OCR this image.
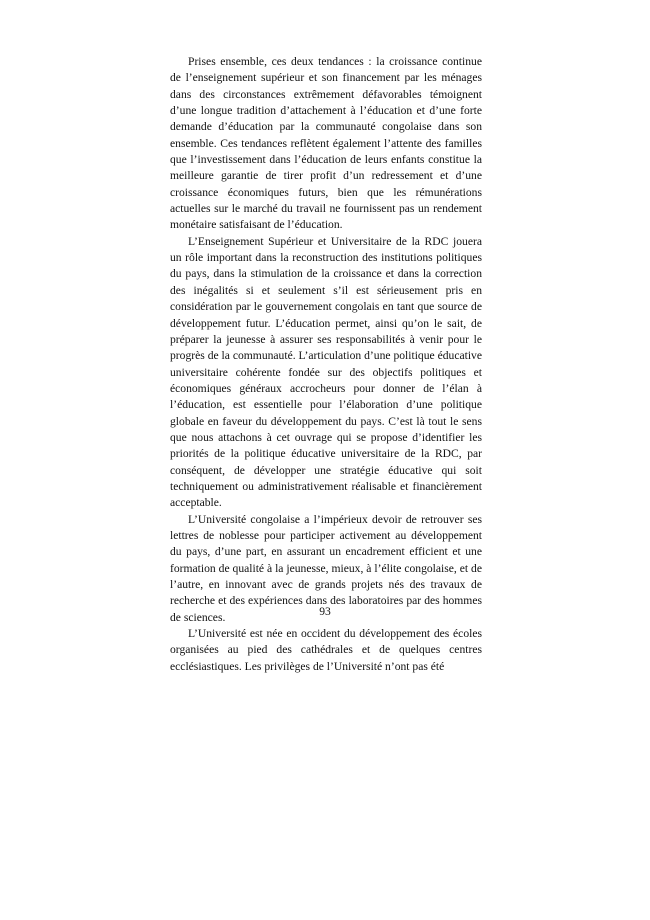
Prises ensemble, ces deux tendances : la croissance continue de l’enseignement supérieur et son financement par les ménages dans des circonstances extrêmement défavorables témoignent d’une longue tradition d’attachement à l’éducation et d’une forte demande d’éducation par la communauté congolaise dans son ensemble. Ces tendances reflètent également l’attente des familles que l’investissement dans l’éducation de leurs enfants constitue la meilleure garantie de tirer profit d’un redressement et d’une croissance économiques futurs, bien que les rémunérations actuelles sur le marché du travail ne fournissent pas un rendement monétaire satisfaisant de l’éducation.

L’Enseignement Supérieur et Universitaire de la RDC jouera un rôle important dans la reconstruction des institutions politiques du pays, dans la stimulation de la croissance et dans la correction des inégalités si et seulement s’il est sérieusement pris en considération par le gouvernement congolais en tant que source de développement futur. L’éducation permet, ainsi qu’on le sait, de préparer la jeunesse à assurer ses responsabilités à venir pour le progrès de la communauté. L’articulation d’une politique éducative universitaire cohérente fondée sur des objectifs politiques et économiques généraux accrocheurs pour donner de l’élan à l’éducation, est essentielle pour l’élaboration d’une politique globale en faveur du développement du pays. C’est là tout le sens que nous attachons à cet ouvrage qui se propose d’identifier les priorités de la politique éducative universitaire de la RDC, par conséquent, de développer une stratégie éducative qui soit techniquement ou administrativement réalisable et financièrement acceptable.

L’Université congolaise a l’impérieux devoir de retrouver ses lettres de noblesse pour participer activement au développement du pays, d’une part, en assurant un encadrement efficient et une formation de qualité à la jeunesse, mieux, à l’élite congolaise, et de l’autre, en innovant avec de grands projets nés des travaux de recherche et des expériences dans des laboratoires par des hommes de sciences.

L’Université est née en occident du développement des écoles organisées au pied des cathédrales et de quelques centres ecclésiastiques. Les privilèges de l’Université n’ont pas été

93
